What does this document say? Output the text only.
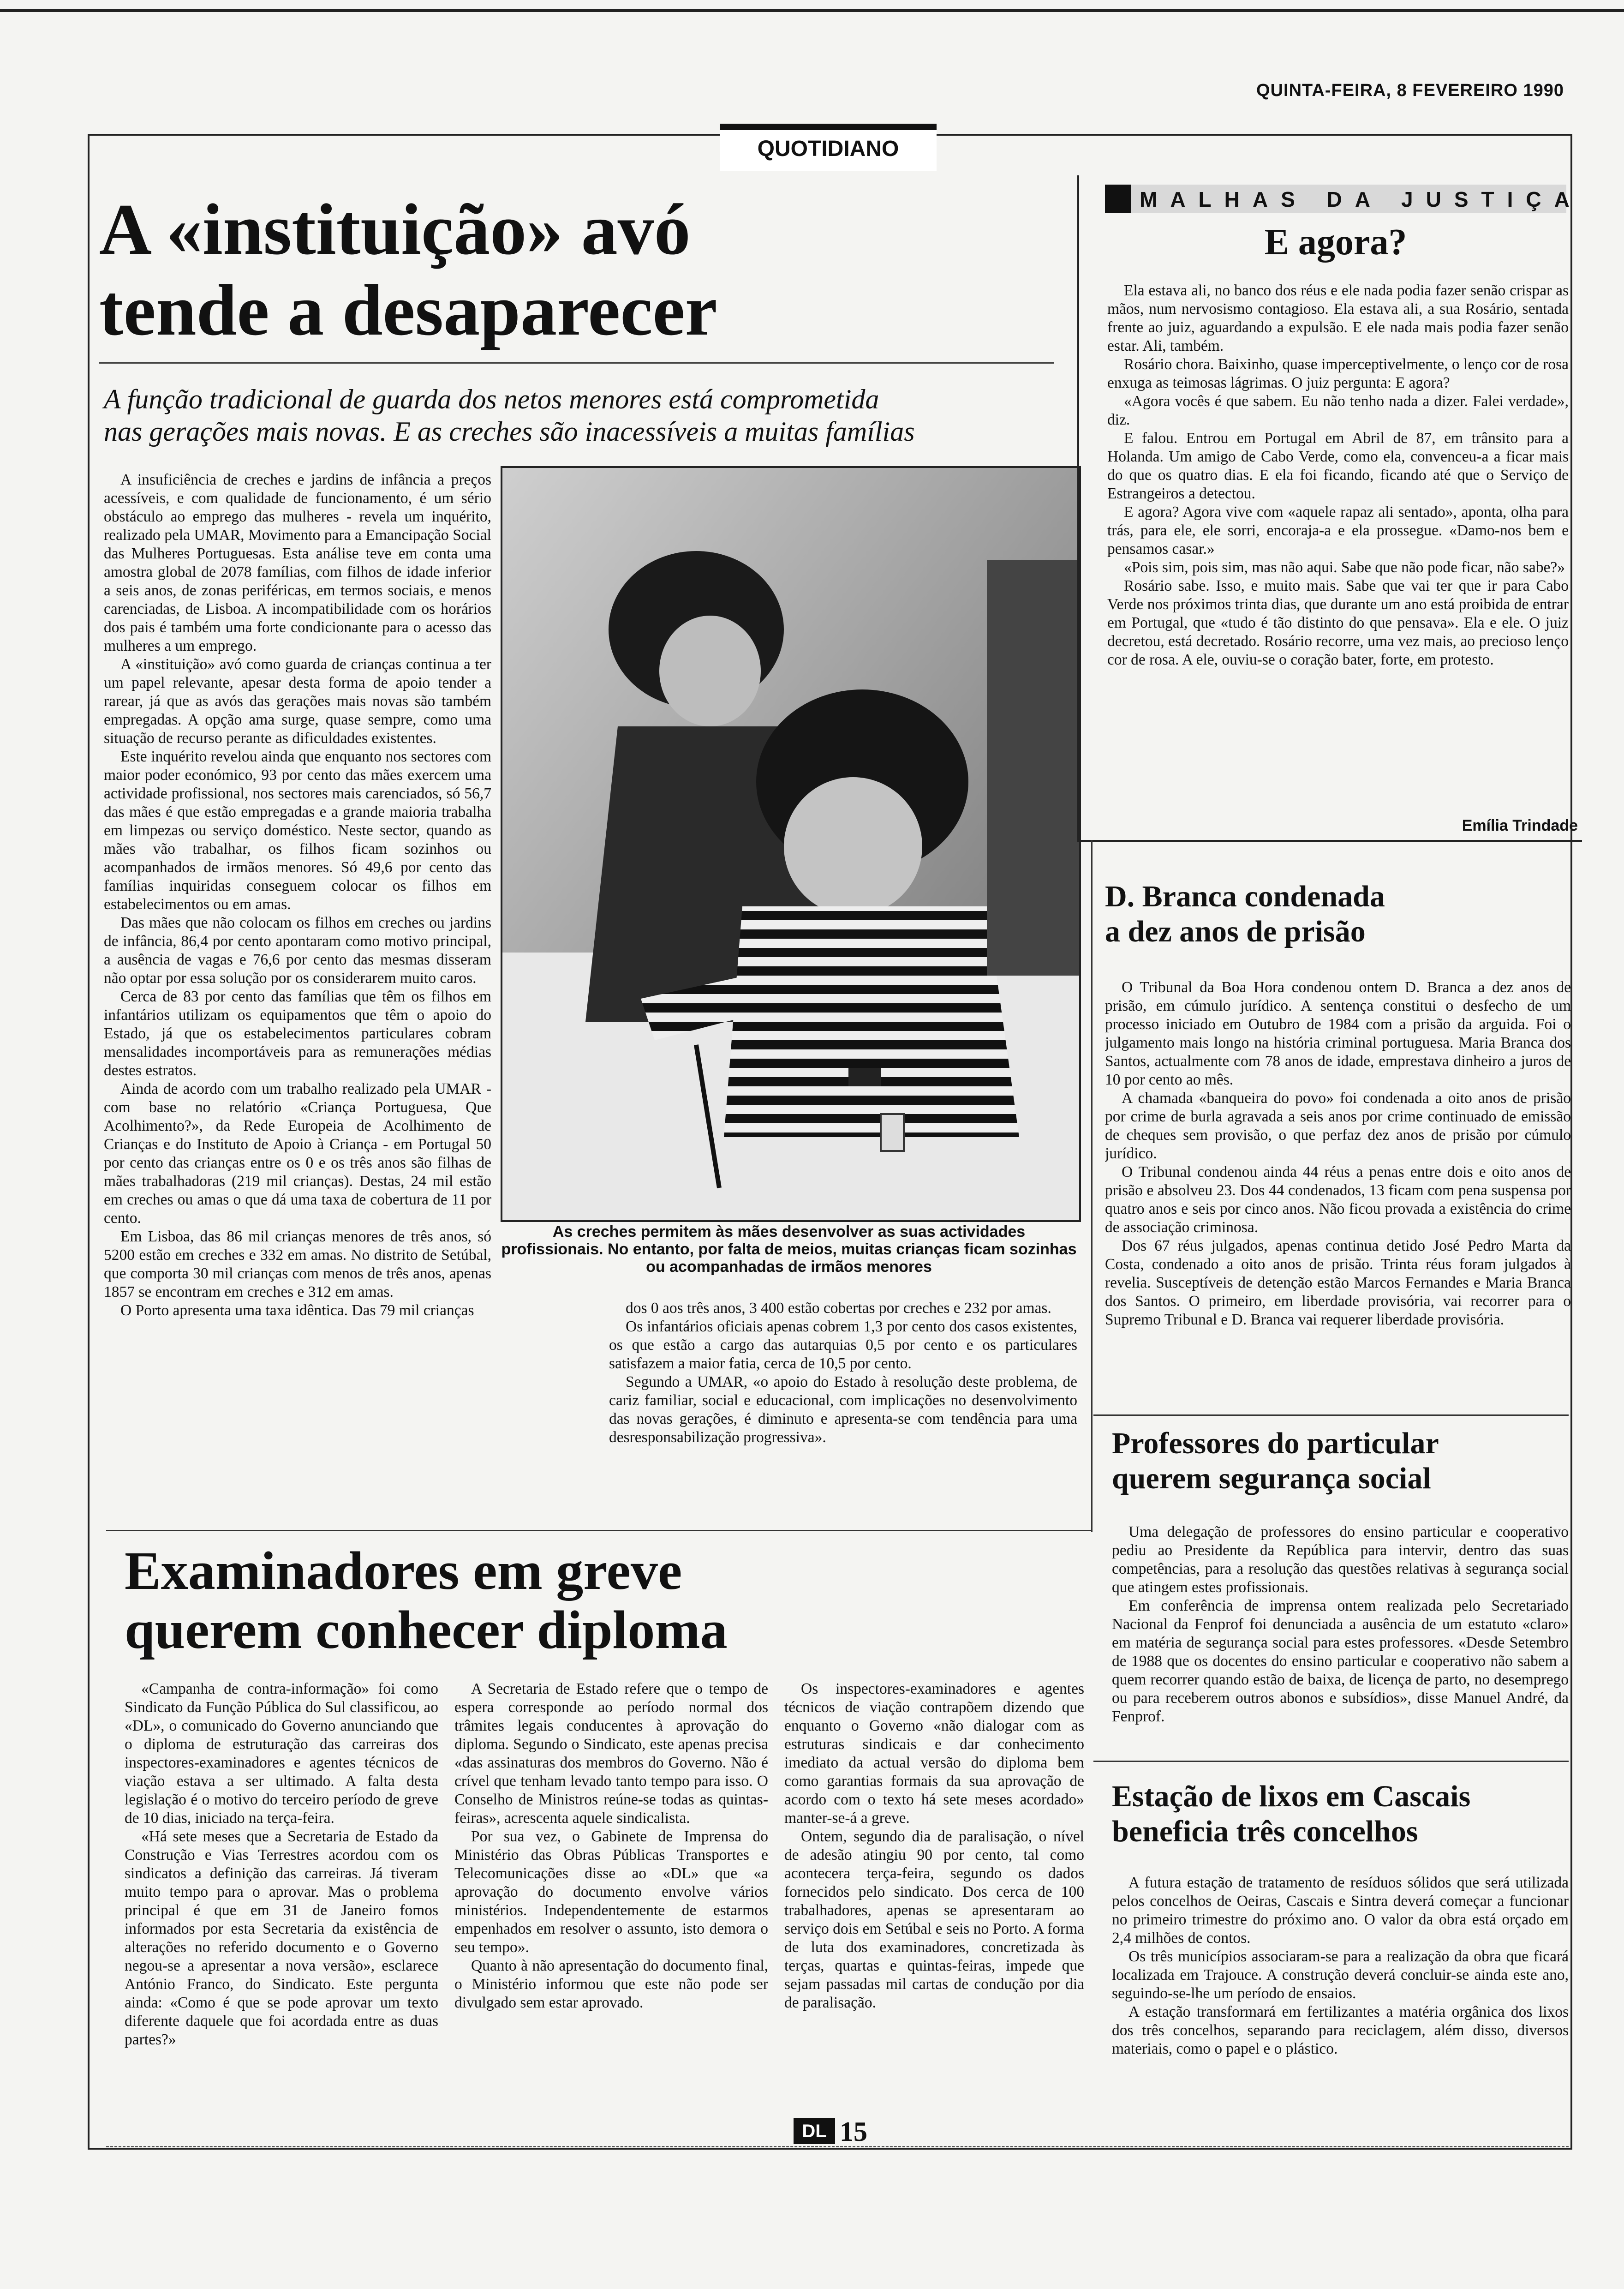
QUINTA-FEIRA, 8 FEVEREIRO 1990
QUOTIDIANO
A «instituição» avó
tende a desaparecer
A função tradicional de guarda dos netos menores está comprometida
nas gerações mais novas. E as creches são inacessíveis a muitas famílias

A insuficiência de creches e jardins de infância a preços acessíveis, e com qualidade de funcionamento, é um sério obstáculo ao emprego das mulheres - revela um inquérito, realizado pela UMAR, Movimento para a Emancipação Social das Mulheres Portuguesas. Esta análise teve em conta uma amostra global de 2078 famílias, com filhos de idade inferior a seis anos, de zonas periféricas, em termos sociais, e menos carenciadas, de Lisboa. A incompatibilidade com os horários dos pais é também uma forte condicionante para o acesso das mulheres a um emprego.

A «instituição» avó como guarda de crianças continua a ter um papel relevante, apesar desta forma de apoio tender a rarear, já que as avós das gerações mais novas são também empregadas. A opção ama surge, quase sempre, como uma situação de recurso perante as dificuldades existentes.

Este inquérito revelou ainda que enquanto nos sectores com maior poder económico, 93 por cento das mães exercem uma actividade profissional, nos sectores mais carenciados, só 56,7 das mães é que estão empregadas e a grande maioria trabalha em limpezas ou serviço doméstico. Neste sector, quando as mães vão trabalhar, os filhos ficam sozinhos ou acompanhados de irmãos menores. Só 49,6 por cento das famílias inquiridas conseguem colocar os filhos em estabelecimentos ou em amas.

Das mães que não colocam os filhos em creches ou jardins de infância, 86,4 por cento apontaram como motivo principal, a ausência de vagas e 76,6 por cento das mesmas disseram não optar por essa solução por os considerarem muito caros.

Cerca de 83 por cento das famílias que têm os filhos em infantários utilizam os equipamentos que têm o apoio do Estado, já que os estabelecimentos particulares cobram mensalidades incomportáveis para as remunerações médias destes estratos.

Ainda de acordo com um trabalho realizado pela UMAR - com base no relatório «Criança Portuguesa, Que Acolhimento?», da Rede Europeia de Acolhimento de Crianças e do Instituto de Apoio à Criança - em Portugal 50 por cento das crianças entre os 0 e os três anos são filhas de mães trabalhadoras (219 mil crianças). Destas, 24 mil estão em creches ou amas o que dá uma taxa de cobertura de 11 por cento.

Em Lisboa, das 86 mil crianças menores de três anos, só 5200 estão em creches e 332 em amas. No distrito de Setúbal, que comporta 30 mil crianças com menos de três anos, apenas 1857 se encontram em creches e 312 em amas.

O Porto apresenta uma taxa idêntica. Das 79 mil crianças

As creches permitem às mães desenvolver as suas actividades profissionais. No entanto, por falta de meios, muitas crianças ficam sozinhas ou acompanhadas de irmãos menores

dos 0 aos três anos, 3 400 estão cobertas por creches e 232 por amas.

Os infantários oficiais apenas cobrem 1,3 por cento dos casos existentes, os que estão a cargo das autarquias 0,5 por cento e os particulares satisfazem a maior fatia, cerca de 10,5 por cento.

Segundo a UMAR, «o apoio do Estado à resolução deste problema, de cariz familiar, social e educacional, com implicações no desenvolvimento das novas gerações, é diminuto e apresenta-se com tendência para uma desresponsabilização progressiva».

MALHAS DA JUSTIÇA
E agora?

Ela estava ali, no banco dos réus e ele nada podia fazer senão crispar as mãos, num nervosismo contagioso. Ela estava ali, a sua Rosário, sentada frente ao juiz, aguardando a expulsão. E ele nada mais podia fazer senão estar. Ali, também.

Rosário chora. Baixinho, quase imperceptivelmente, o lenço cor de rosa enxuga as teimosas lágrimas. O juiz pergunta: E agora?

«Agora vocês é que sabem. Eu não tenho nada a dizer. Falei verdade», diz.

E falou. Entrou em Portugal em Abril de 87, em trânsito para a Holanda. Um amigo de Cabo Verde, como ela, convenceu-a a ficar mais do que os quatro dias. E ela foi ficando, ficando até que o Serviço de Estrangeiros a detectou.

E agora? Agora vive com «aquele rapaz ali sentado», aponta, olha para trás, para ele, ele sorri, encoraja-a e ela prossegue. «Damo-nos bem e pensamos casar.»

«Pois sim, pois sim, mas não aqui. Sabe que não pode ficar, não sabe?»

Rosário sabe. Isso, e muito mais. Sabe que vai ter que ir para Cabo Verde nos próximos trinta dias, que durante um ano está proibida de entrar em Portugal, que «tudo é tão distinto do que pensava». Ela e ele. O juiz decretou, está decretado. Rosário recorre, uma vez mais, ao precioso lenço cor de rosa. A ele, ouviu-se o coração bater, forte, em protesto.

Emília Trindade
D. Branca condenada
a dez anos de prisão

O Tribunal da Boa Hora condenou ontem D. Branca a dez anos de prisão, em cúmulo jurídico. A sentença constitui o desfecho de um processo iniciado em Outubro de 1984 com a prisão da arguida. Foi o julgamento mais longo na história criminal portuguesa. Maria Branca dos Santos, actualmente com 78 anos de idade, emprestava dinheiro a juros de 10 por cento ao mês.

A chamada «banqueira do povo» foi condenada a oito anos de prisão por crime de burla agravada a seis anos por crime continuado de emissão de cheques sem provisão, o que perfaz dez anos de prisão por cúmulo jurídico.

O Tribunal condenou ainda 44 réus a penas entre dois e oito anos de prisão e absolveu 23. Dos 44 condenados, 13 ficam com pena suspensa por quatro anos e seis por cinco anos. Não ficou provada a existência do crime de associação criminosa.

Dos 67 réus julgados, apenas continua detido José Pedro Marta da Costa, condenado a oito anos de prisão. Trinta réus foram julgados à revelia. Susceptíveis de detenção estão Marcos Fernandes e Maria Branca dos Santos. O primeiro, em liberdade provisória, vai recorrer para o Supremo Tribunal e D. Branca vai requerer liberdade provisória.

Professores do particular
querem segurança social

Uma delegação de professores do ensino particular e cooperativo pediu ao Presidente da República para intervir, dentro das suas competências, para a resolução das questões relativas à segurança social que atingem estes profissionais.

Em conferência de imprensa ontem realizada pelo Secretariado Nacional da Fenprof foi denunciada a ausência de um estatuto «claro» em matéria de segurança social para estes professores. «Desde Setembro de 1988 que os docentes do ensino particular e cooperativo não sabem a quem recorrer quando estão de baixa, de licença de parto, no desemprego ou para receberem outros abonos e subsídios», disse Manuel André, da Fenprof.

Estação de lixos em Cascais
beneficia três concelhos

A futura estação de tratamento de resíduos sólidos que será utilizada pelos concelhos de Oeiras, Cascais e Sintra deverá começar a funcionar no primeiro trimestre do próximo ano. O valor da obra está orçado em 2,4 milhões de contos.

Os três municípios associaram-se para a realização da obra que ficará localizada em Trajouce. A construção deverá concluir-se ainda este ano, seguindo-se-lhe um período de ensaios.

A estação transformará em fertilizantes a matéria orgânica dos lixos dos três concelhos, separando para reciclagem, além disso, diversos materiais, como o papel e o plástico.

Examinadores em greve
querem conhecer diploma

«Campanha de contra-informação» foi como Sindicato da Função Pública do Sul classificou, ao «DL», o comunicado do Governo anunciando que o diploma de estruturação das carreiras dos inspectores-examinadores e agentes técnicos de viação estava a ser ultimado. A falta desta legislação é o motivo do terceiro período de greve de 10 dias, iniciado na terça-feira.

«Há sete meses que a Secretaria de Estado da Construção e Vias Terrestres acordou com os sindicatos a definição das carreiras. Já tiveram muito tempo para o aprovar. Mas o problema principal é que em 31 de Janeiro fomos informados por esta Secretaria da existência de alterações no referido documento e o Governo negou-se a apresentar a nova versão», esclarece António Franco, do Sindicato. Este pergunta ainda: «Como é que se pode aprovar um texto diferente daquele que foi acordada entre as duas partes?»

A Secretaria de Estado refere que o tempo de espera corresponde ao período normal dos trâmites legais conducentes à aprovação do diploma. Segundo o Sindicato, este apenas precisa «das assinaturas dos membros do Governo. Não é crível que tenham levado tanto tempo para isso. O Conselho de Ministros reúne-se todas as quintas-feiras», acrescenta aquele sindicalista.

Por sua vez, o Gabinete de Imprensa do Ministério das Obras Públicas Transportes e Telecomunicações disse ao «DL» que «a aprovação do documento envolve vários ministérios. Independentemente de estarmos empenhados em resolver o assunto, isto demora o seu tempo».

Quanto à não apresentação do documento final, o Ministério informou que este não pode ser divulgado sem estar aprovado.

Os inspectores-examinadores e agentes técnicos de viação contrapõem dizendo que enquanto o Governo «não dialogar com as estruturas sindicais e dar conhecimento imediato da actual versão do diploma bem como garantias formais da sua aprovação de acordo com o texto há sete meses acordado» manter-se-á a greve.

Ontem, segundo dia de paralisação, o nível de adesão atingiu 90 por cento, tal como acontecera terça-feira, segundo os dados fornecidos pelo sindicato. Dos cerca de 100 trabalhadores, apenas se apresentaram ao serviço dois em Setúbal e seis no Porto. A forma de luta dos examinadores, concretizada às terças, quartas e quintas-feiras, impede que sejam passadas mil cartas de condução por dia de paralisação.

DL 15
